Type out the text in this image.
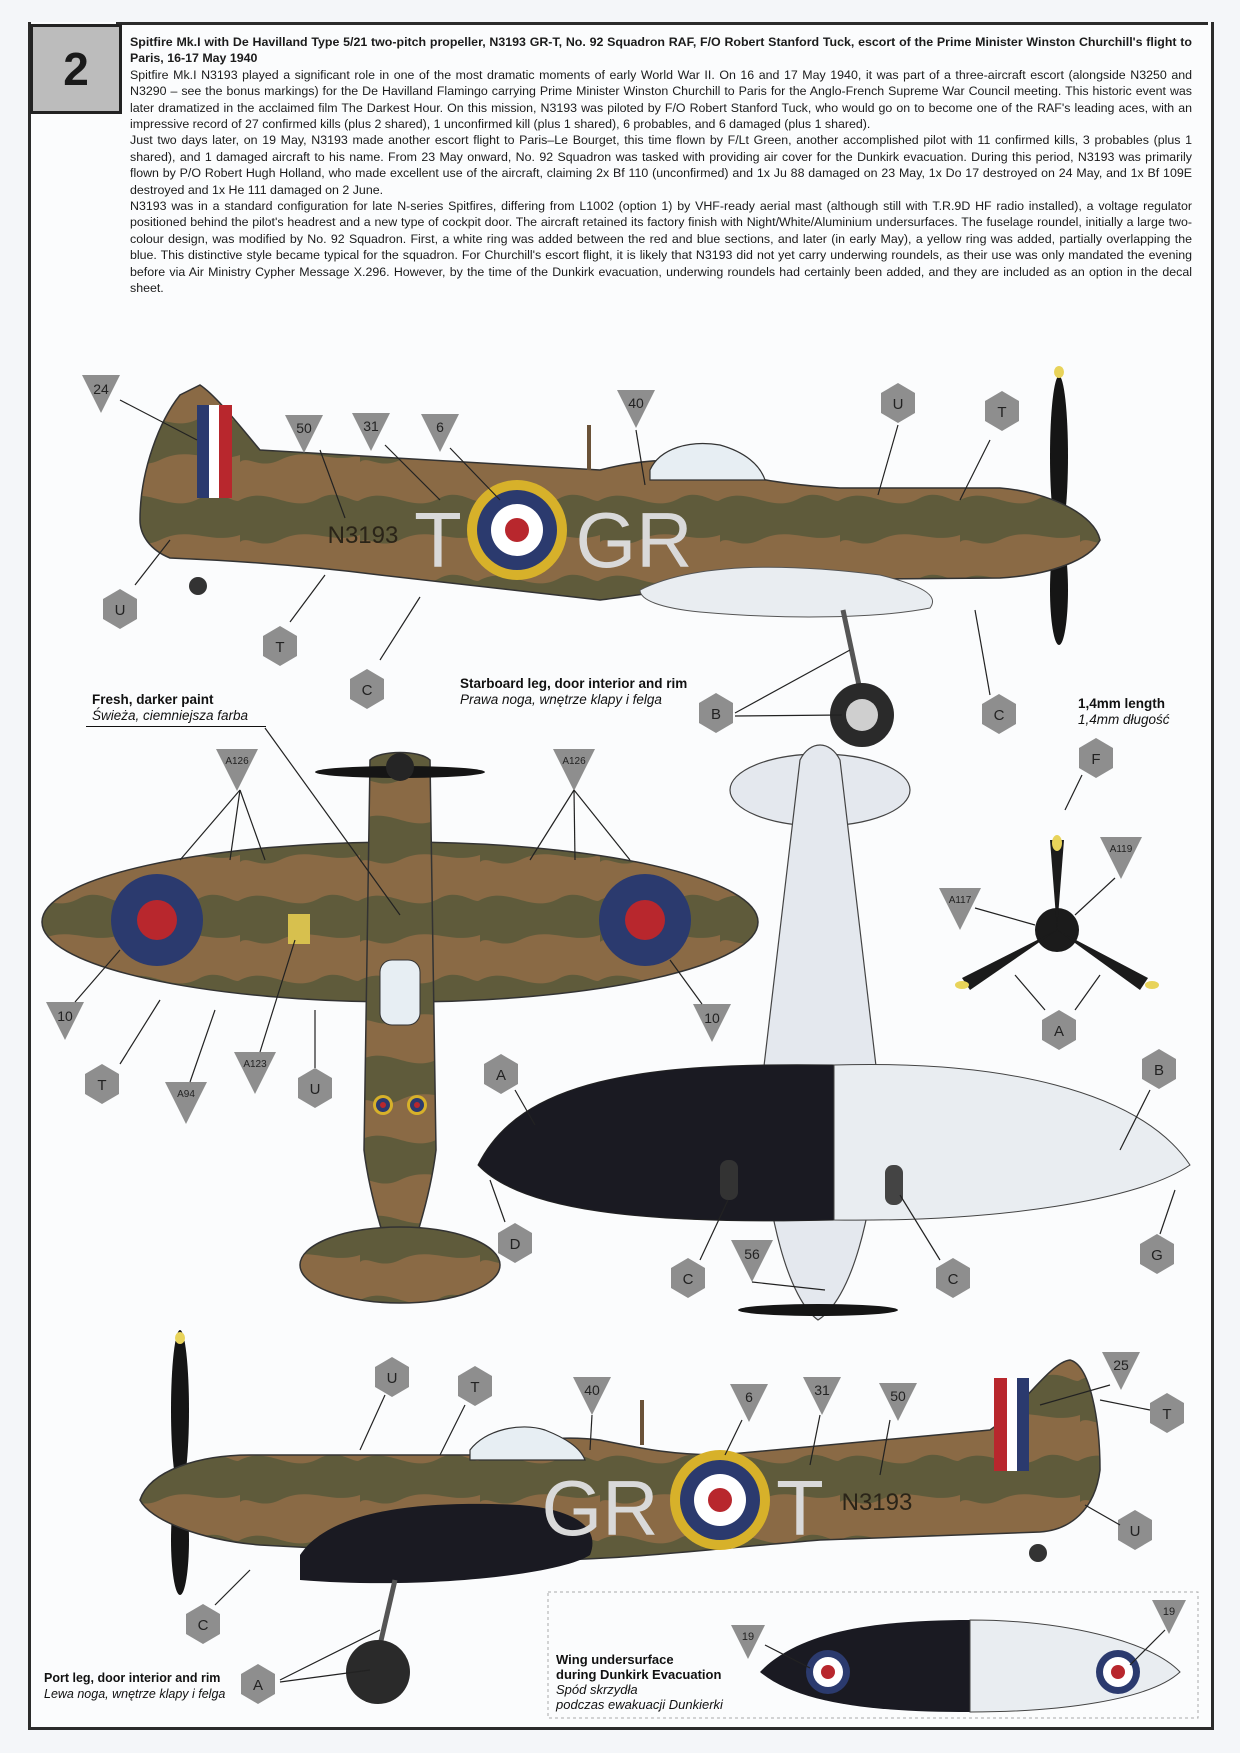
2

Spitfire Mk.I with De Havilland Type 5/21 two-pitch propeller, N3193 GR-T, No. 92 Squadron RAF, F/O Robert Stanford Tuck, escort of the Prime Minister Winston Churchill's flight to Paris, 16-17 May 1940

Spitfire Mk.I N3193 played a significant role in one of the most dramatic moments of early World War II. On 16 and 17 May 1940, it was part of a three-aircraft escort (alongside N3250 and N3290 – see the bonus markings) for the De Havilland Flamingo carrying Prime Minister Winston Churchill to Paris for the Anglo-French Supreme War Council meeting. This historic event was later dramatized in the acclaimed film The Darkest Hour. On this mission, N3193 was piloted by F/O Robert Stanford Tuck, who would go on to become one of the RAF's leading aces, with an impressive record of 27 confirmed kills (plus 2 shared), 1 unconfirmed kill (plus 1 shared), 6 probables, and 6 damaged (plus 1 shared).

Just two days later, on 19 May, N3193 made another escort flight to Paris–Le Bourget, this time flown by F/Lt Green, another accomplished pilot with 11 confirmed kills, 3 probables (plus 1 shared), and 1 damaged aircraft to his name. From 23 May onward, No. 92 Squadron was tasked with providing air cover for the Dunkirk evacuation. During this period, N3193 was primarily flown by P/O Robert Hugh Holland, who made excellent use of the aircraft, claiming 2x Bf 110 (unconfirmed) and 1x Ju 88 damaged on 23 May, 1x Do 17 destroyed on 24 May, and 1x Bf 109E destroyed and 1x He 111 damaged on 2 June.

N3193 was in a standard configuration for late N-series Spitfires, differing from L1002 (option 1) by VHF-ready aerial mast (although still with T.R.9D HF radio installed), a voltage regulator positioned behind the pilot's headrest and a new type of cockpit door. The aircraft retained its factory finish with Night/White/Aluminium undersurfaces. The fuselage roundel, initially a large two-colour design, was modified by No. 92 Squadron. First, a white ring was added between the red and blue sections, and later (in early May), a yellow ring was added, partially overlapping the blue. This distinctive style became typical for the squadron. For Churchill's escort flight, it is likely that N3193 did not yet carry underwing roundels, as their use was only mandated the evening before via Air Ministry Cypher Message X.296. However, by the time of the Dunkirk evacuation, underwing roundels had certainly been added, and they are included as an option in the decal sheet.

T GR
N3193
GR T N3193
24
50	31	6
40	U	T
U
T
C
B	C
F
A126	A126
10	10
A123
A94
A119
A117
T	U
A
A	B
D
C	C
G
56
U
T	40	6	31	50
25
T
U
C
A
19
19
Fresh, darker paint
Świeża, ciemniejsza farba
Starboard leg, door interior and rim
Prawa noga, wnętrze klapy i felga	1,4mm length
1,4mm długość
Port leg, door interior and rim
Lewa noga, wnętrze klapy i felga
Wing undersurface
during Dunkirk Evacuation
Spód skrzydła
podczas ewakuacji Dunkierki
